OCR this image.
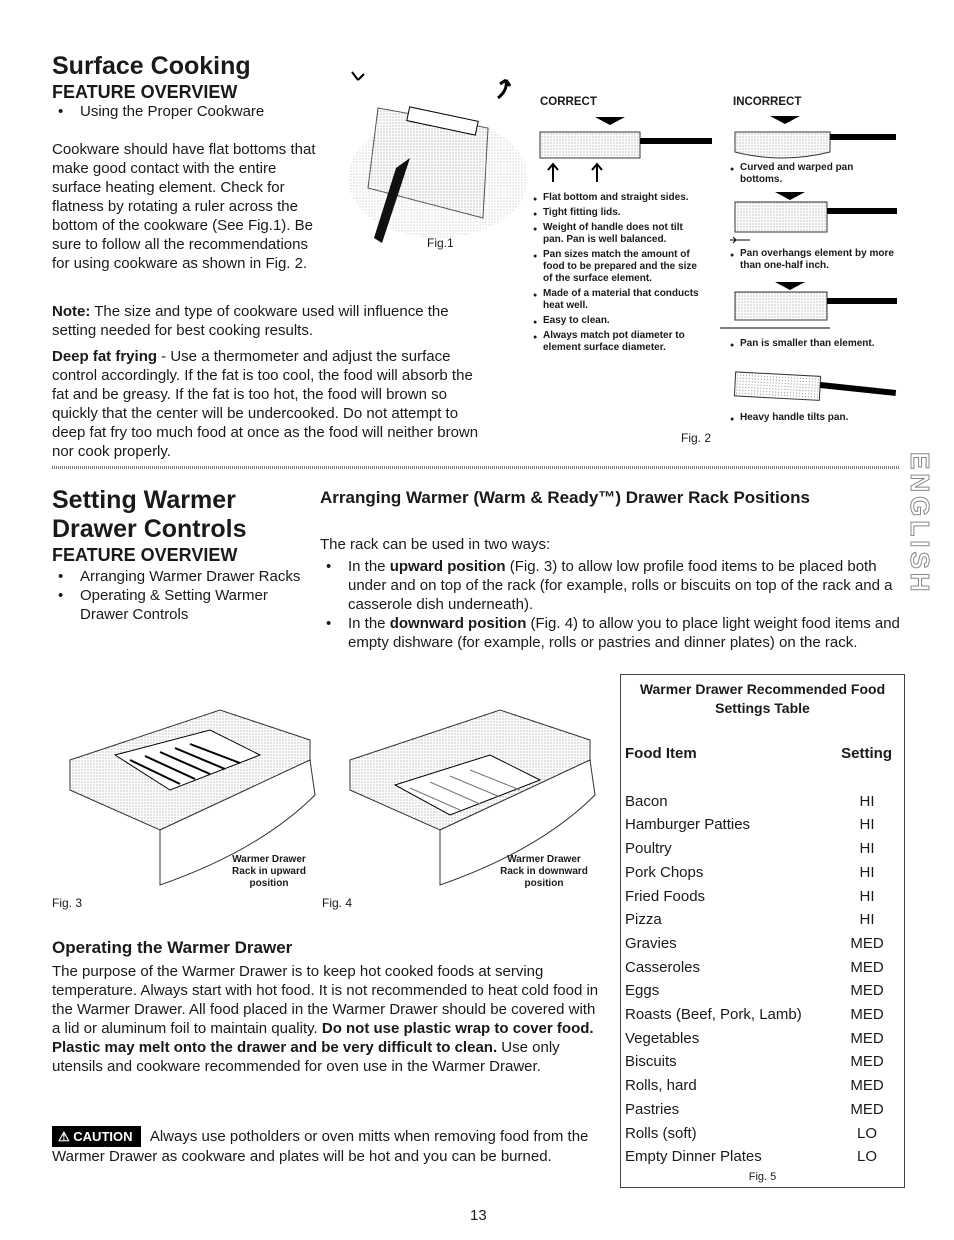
Surface Cooking
FEATURE OVERVIEW
• Using the Proper Cookware
Cookware should have flat bottoms that make good contact with the entire surface heating element. Check for flatness by rotating a ruler across the bottom of the cookware (See Fig.1). Be sure to follow all the recommendations for using cookware as shown in Fig. 2.
Fig.1
Note: The size and type of cookware used will influence the setting needed for best cooking results.
Deep fat frying - Use a thermometer and adjust the surface control accordingly. If the fat is too cool, the food will absorb the fat and be greasy. If the fat is too hot, the food will brown so quickly that the center will be undercooked. Do not attempt to deep fat fry too much food at once as the food will neither brown nor cook properly.
CORRECT	INCORRECT
● Flat bottom and straight sides.
● Tight fitting lids.
● Weight of handle does not tilt pan. Pan is well balanced.
● Pan sizes match the amount of food to be prepared and the size of the surface element.
● Made of a material that conducts heat well.
● Easy to clean.
● Always match pot diameter to element surface diameter.
● Curved and warped pan bottoms.
● Pan overhangs element by more than one-half inch.
● Pan is smaller than element.
● Heavy handle tilts pan.
Fig. 2
ENGLISH
Setting Warmer
Drawer Controls
FEATURE OVERVIEW
• Arranging Warmer Drawer Racks
• Operating & Setting Warmer Drawer Controls
Arranging Warmer (Warm & Ready™) Drawer Rack Positions
The rack can be used in two ways:
• In the upward position (Fig. 3) to allow low profile food items to be placed both under and on top of the rack (for example, rolls or biscuits on top of the rack and a casserole dish underneath).
• In the downward position (Fig. 4) to allow you to place light weight food items and empty dishware (for example, rolls or pastries and dinner plates) on the rack.
Warmer Drawer Rack in upward position
Fig. 3
Warmer Drawer Rack in downward position
Fig. 4
Operating the Warmer Drawer
The purpose of the Warmer Drawer is to keep hot cooked foods at serving temperature. Always start with hot food. It is not recommended to heat cold food in the Warmer Drawer. All food placed in the Warmer Drawer should be covered with a lid or aluminum foil to maintain quality. Do not use plastic wrap to cover food. Plastic may melt onto the drawer and be very difficult to clean. Use only utensils and cookware recommended for oven use in the Warmer Drawer.
⚠ CAUTION Always use potholders or oven mitts when removing food from the Warmer Drawer as cookware and plates will be hot and you can be burned.
Warmer Drawer Recommended Food Settings Table
Food Item	Setting
Bacon	HI
Hamburger Patties	HI
Poultry	HI
Pork Chops	HI
Fried Foods	HI
Pizza	HI
Gravies	MED
Casseroles	MED
Eggs	MED
Roasts (Beef, Pork, Lamb)	MED
Vegetables	MED
Biscuits	MED
Rolls, hard	MED
Pastries	MED
Rolls (soft)	LO
Empty Dinner Plates	LO
Fig. 5
13
